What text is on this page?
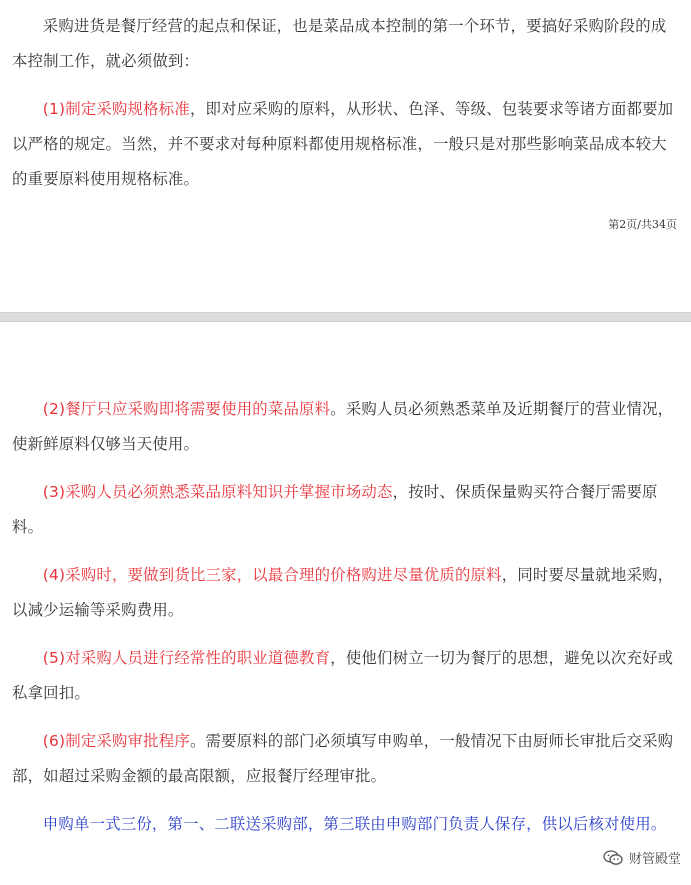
采购进货是餐厅经营的起点和保证，也是菜品成本控制的第一个环节，要搞好采购阶段的成本控制工作，就必须做到：

(1)制定采购规格标准，即对应采购的原料，从形状、色泽、等级、包装要求等诸方面都要加以严格的规定。当然，并不要求对每种原料都使用规格标准，一般只是对那些影响菜品成本较大的重要原料使用规格标准。

第2页/共34页

(2)餐厅只应采购即将需要使用的菜品原料。采购人员必须熟悉菜单及近期餐厅的营业情况，使新鲜原料仅够当天使用。

(3)采购人员必须熟悉菜品原料知识并掌握市场动态，按时、保质保量购买符合餐厅需要原料。

(4)采购时，要做到货比三家，以最合理的价格购进尽量优质的原料，同时要尽量就地采购，以减少运输等采购费用。

(5)对采购人员进行经常性的职业道德教育，使他们树立一切为餐厅的思想，避免以次充好或私拿回扣。

(6)制定采购审批程序。需要原料的部门必须填写申购单，一般情况下由厨师长审批后交采购部，如超过采购金额的最高限额，应报餐厅经理审批。

申购单一式三份，第一、二联送采购部，第三联由申购部门负责人保存，供以后核对使用。

财管殿堂
